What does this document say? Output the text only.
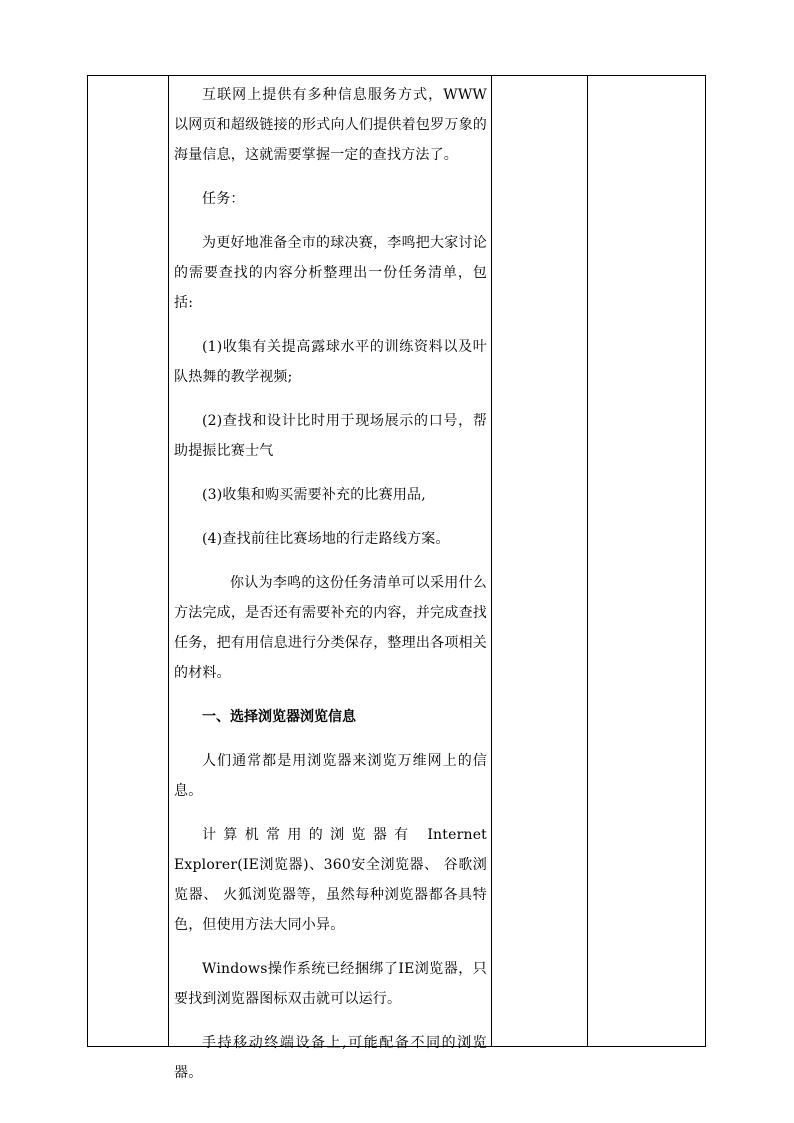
互联网上提供有多种信息服务方式，WWW以网页和超级链接的形式向人们提供着包罗万象的海量信息，这就需要掌握一定的查找方法了。

任务：

为更好地准备全市的球决赛，李鸣把大家讨论的需要查找的内容分析整理出一份任务清单，包括:

(1)收集有关提高露球水平的训练资料以及叶队热舞的教学视频;

(2)查找和设计比时用于现场展示的口号，帮助提振比赛士气

(3)收集和购买需要补充的比赛用品,

(4)查找前往比赛场地的行走路线方案。

你认为李鸣的这份任务清单可以采用什么方法完成，是否还有需要补充的内容，并完成查找任务，把有用信息进行分类保存，整理出各项相关的材料。

一、选择浏览器浏览信息

人们通常都是用浏览器来浏览万维网上的信息。

计算机常用的浏览器有 Internet Explorer(IE浏览器)、360安全浏览器、 谷歌浏览器、 火狐浏览器等，虽然每种浏览器都各具特色，但使用方法大同小异。

Windows操作系统已经捆绑了IE浏览器，只要找到浏览器图标双击就可以运行。

手持移动终端设备上,可能配备不同的浏览器。
